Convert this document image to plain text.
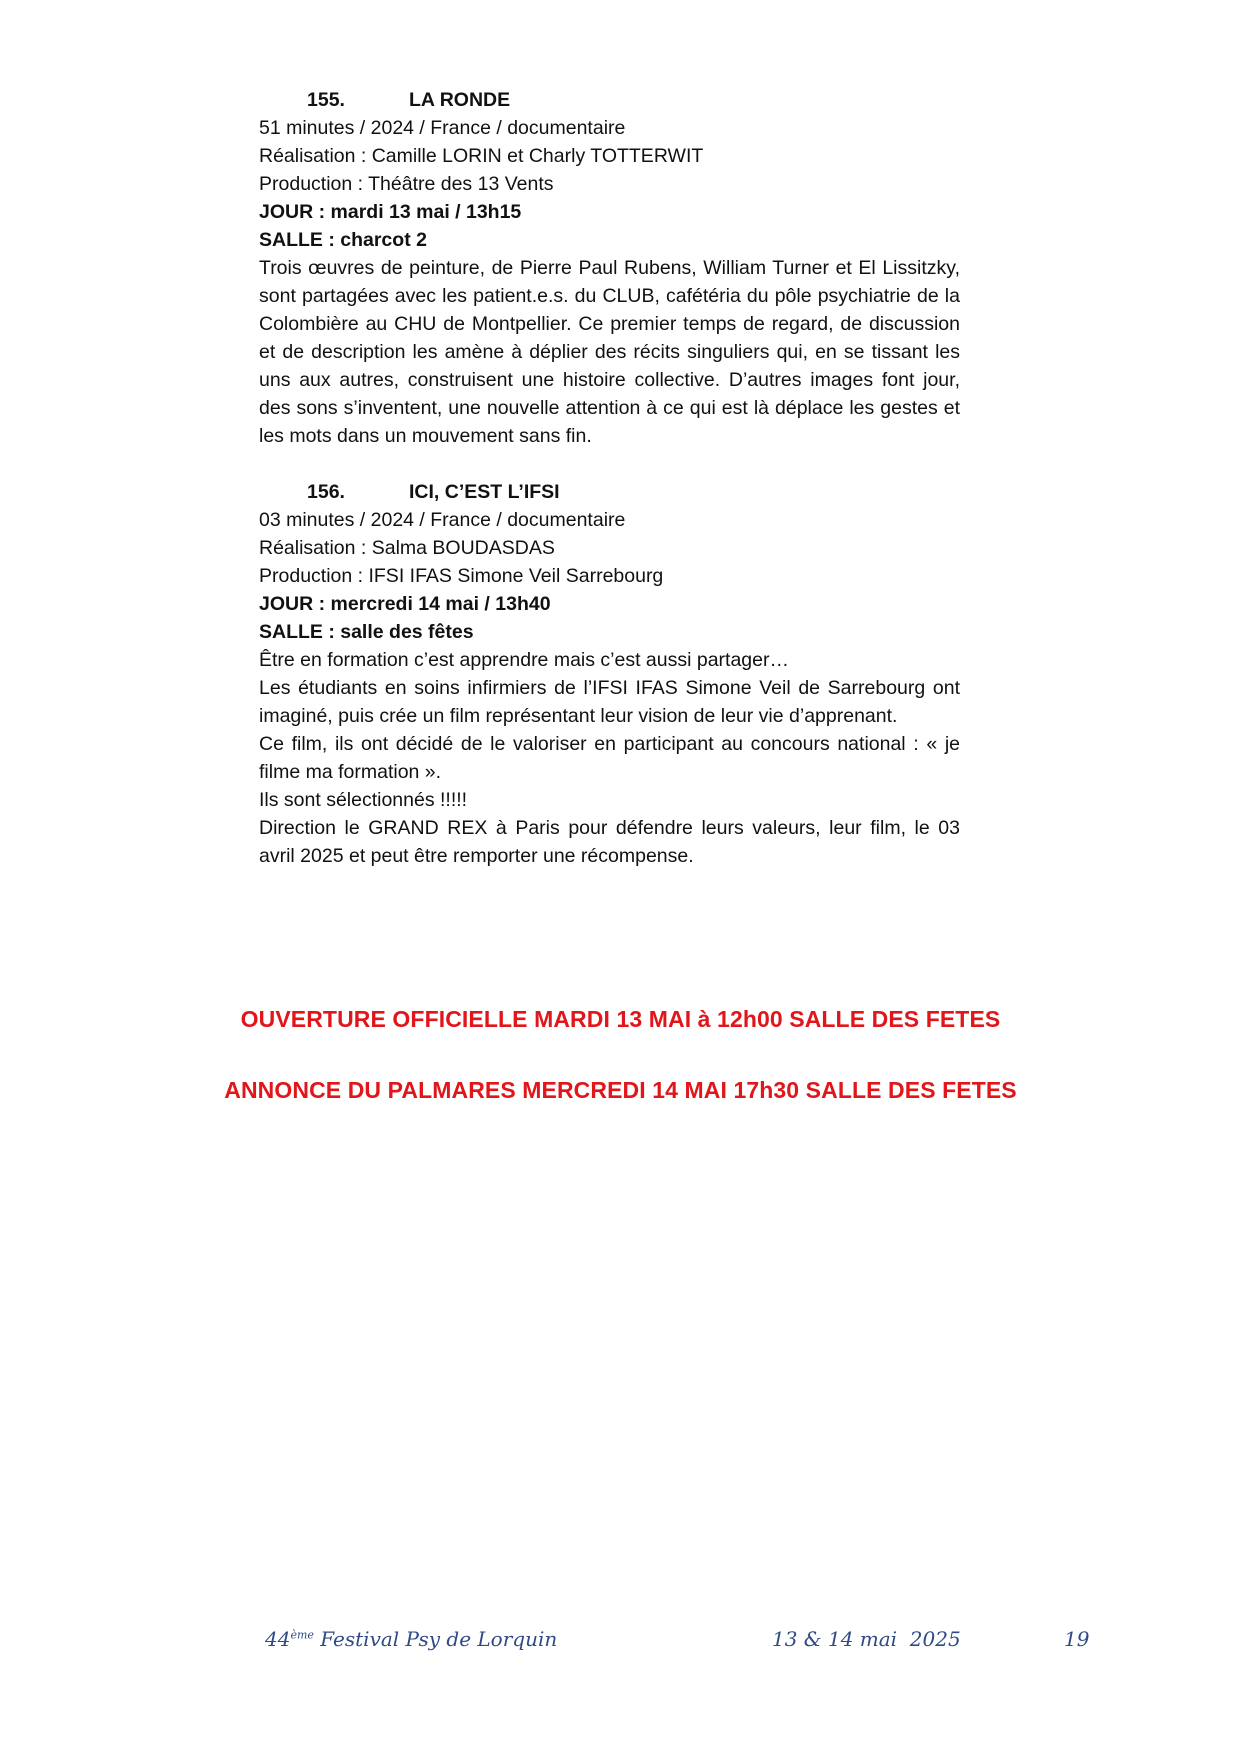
155.	LA RONDE
51 minutes / 2024 / France / documentaire
Réalisation : Camille LORIN et Charly TOTTERWIT
Production : Théâtre des 13 Vents
JOUR : mardi 13 mai / 13h15
SALLE : charcot 2
Trois œuvres de peinture, de Pierre Paul Rubens, William Turner et El Lissitzky, sont partagées avec les patient.e.s. du CLUB, cafétéria du pôle psychiatrie de la Colombière au CHU de Montpellier. Ce premier temps de regard, de discussion et de description les amène à déplier des récits singuliers qui, en se tissant les uns aux autres, construisent une histoire collective. D’autres images font jour, des sons s’inventent, une nouvelle attention à ce qui est là déplace les gestes et les mots dans un mouvement sans fin.
156.	ICI, C’EST L’IFSI
03 minutes / 2024 / France / documentaire
Réalisation : Salma BOUDASDAS
Production : IFSI IFAS Simone Veil Sarrebourg
JOUR : mercredi 14 mai / 13h40
SALLE : salle des fêtes
Être en formation c’est apprendre mais c’est aussi partager…
Les étudiants en soins infirmiers de l’IFSI IFAS Simone Veil de Sarrebourg ont imaginé, puis crée un film représentant leur vision de leur vie d’apprenant.
Ce film, ils ont décidé de le valoriser en participant au concours national : « je filme ma formation ».
Ils sont sélectionnés !!!!!
Direction le GRAND REX à Paris pour défendre leurs valeurs, leur film, le 03 avril 2025 et peut être remporter une récompense.
OUVERTURE OFFICIELLE MARDI 13 MAI à 12h00 SALLE DES FETES
ANNONCE DU PALMARES MERCREDI 14 MAI 17h30 SALLE DES FETES
44ème Festival Psy de Lorquin	13 & 14 mai  2025	19
